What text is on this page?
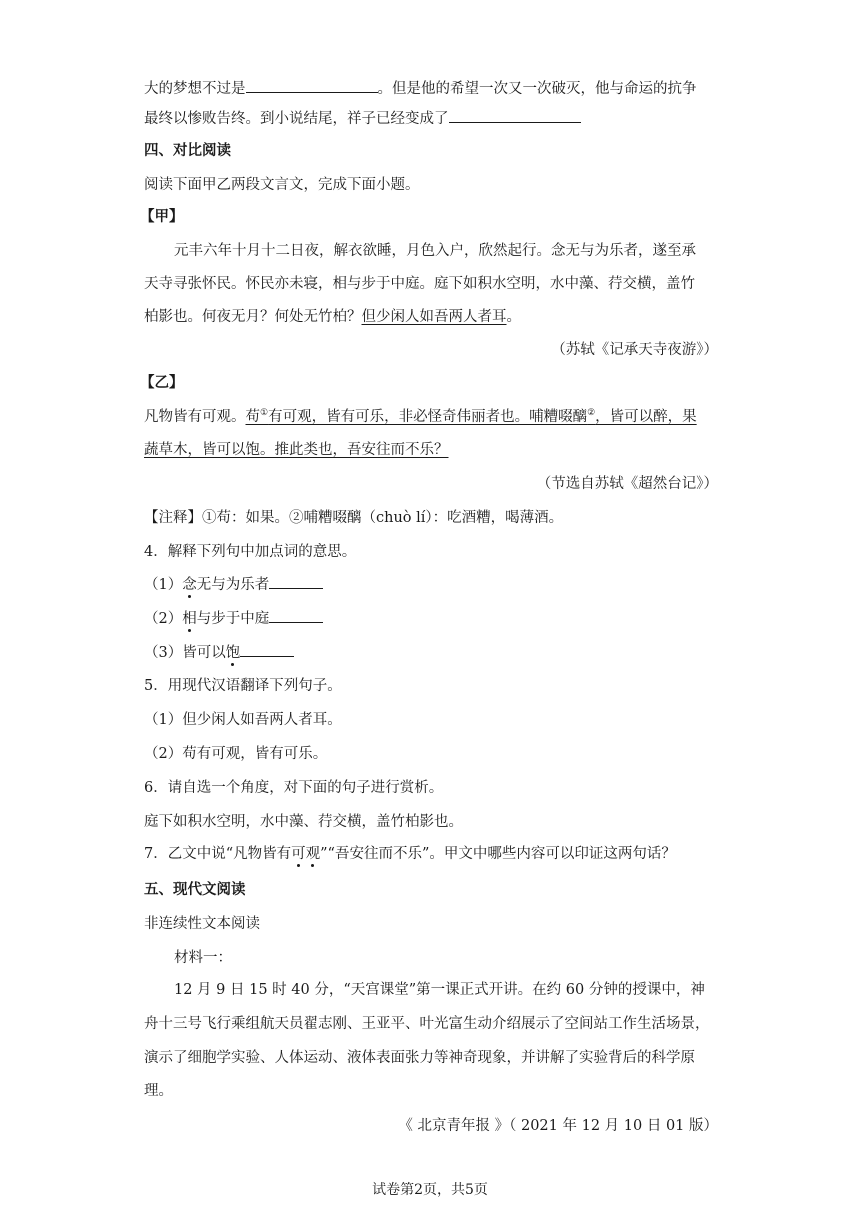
大的梦想不过是	。但是他的希望一次又一次破灭，他与命运的抗争
最终以惨败告终。到小说结尾，祥子已经变成了
四、对比阅读
阅读下面甲乙两段文言文，完成下面小题。
【甲】
元丰六年十月十二日夜，解衣欲睡，月色入户，欣然起行。念无与为乐者，遂至承
天寺寻张怀民。怀民亦未寝，相与步于中庭。庭下如积水空明，水中藻、荇交横，盖竹
柏影也。何夜无月？何处无竹柏？但少闲人如吾两人者耳。
（苏轼《记承天寺夜游》）
【乙】
凡物皆有可观。苟①有可观，皆有可乐，非必怪奇伟丽者也。哺糟啜醨②，皆可以醉，果
蔬草木，皆可以饱。推此类也，吾安往而不乐？
（节选自苏轼《超然台记》）
【注释】①苟：如果。②哺糟啜醨（chuò lí）：吃酒糟，喝薄酒。
4．解释下列句中加点词的意思。
（1）念无与为乐者
（2）相与步于中庭
（3）皆可以饱
5．用现代汉语翻译下列句子。
（1）但少闲人如吾两人者耳。
（2）苟有可观，皆有可乐。
6．请自选一个角度，对下面的句子进行赏析。
庭下如积水空明，水中藻、荇交横，盖竹柏影也。
7．乙文中说“凡物皆有可观”“吾安往而不乐”。甲文中哪些内容可以印证这两句话？
五、现代文阅读
非连续性文本阅读
材料一：
12 月 9 日 15 时 40 分，“天宫课堂”第一课正式开讲。在约 60 分钟的授课中，神
舟十三号飞行乘组航天员翟志刚、王亚平、叶光富生动介绍展示了空间站工作生活场景，
演示了细胞学实验、人体运动、液体表面张力等神奇现象，并讲解了实验背后的科学原
理。
《 北京青年报 》（ 2021 年 12 月 10 日 01 版）
试卷第2页，共5页
